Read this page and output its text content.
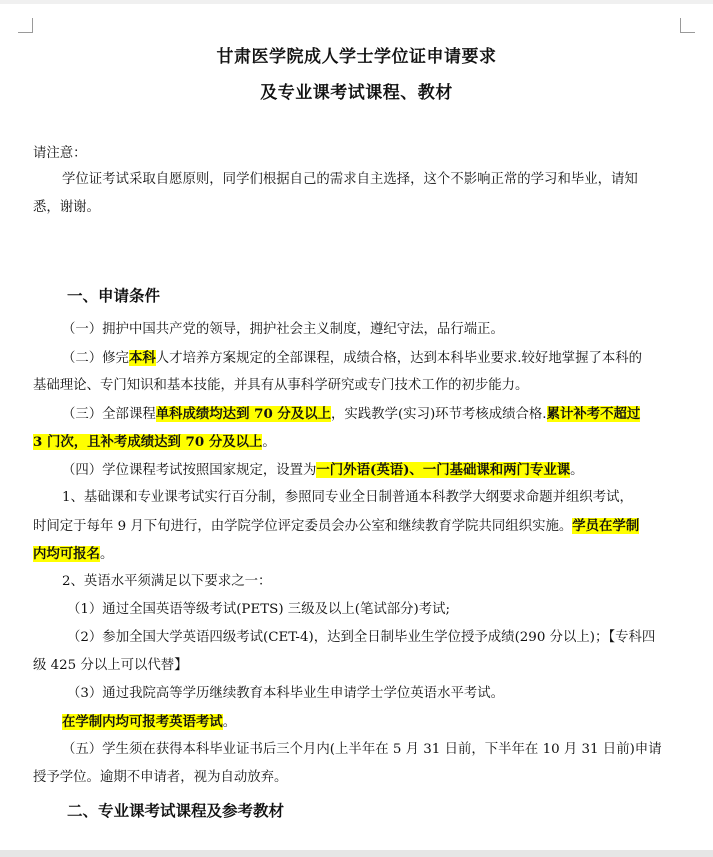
甘肃医学院成人学士学位证申请要求
及专业课考试课程、教材
请注意：
学位证考试采取自愿原则，同学们根据自己的需求自主选择，这个不影响正常的学习和毕业，请知
悉，谢谢。
一、申请条件
（一）拥护中国共产党的领导，拥护社会主义制度，遵纪守法，品行端正。
（二）修完本科人才培养方案规定的全部课程，成绩合格，达到本科毕业要求.较好地掌握了本科的
基础理论、专门知识和基本技能，并具有从事科学研究或专门技术工作的初步能力。
（三）全部课程单科成绩均达到 70 分及以上，实践教学(实习)环节考核成绩合格.累计补考不超过
3 门次，且补考成绩达到 70 分及以上。
（四）学位课程考试按照国家规定，设置为一门外语(英语)、一门基础课和两门专业课。
1、基础课和专业课考试实行百分制，参照同专业全日制普通本科教学大纲要求命题并组织考试，
时间定于每年 9 月下旬进行，由学院学位评定委员会办公室和继续教育学院共同组织实施。学员在学制
内均可报名。
2、英语水平须满足以下要求之一：
（1）通过全国英语等级考试(PETS) 三级及以上(笔试部分)考试;
（2）参加全国大学英语四级考试(CET-4)，达到全日制毕业生学位授予成绩(290 分以上)；【专科四
级 425 分以上可以代替】
（3）通过我院高等学历继续教育本科毕业生申请学士学位英语水平考试。
在学制内均可报考英语考试。
（五）学生须在获得本科毕业证书后三个月内(上半年在 5 月 31 日前，下半年在 10 月 31 日前)申请
授予学位。逾期不申请者，视为自动放弃。
二、专业课考试课程及参考教材
